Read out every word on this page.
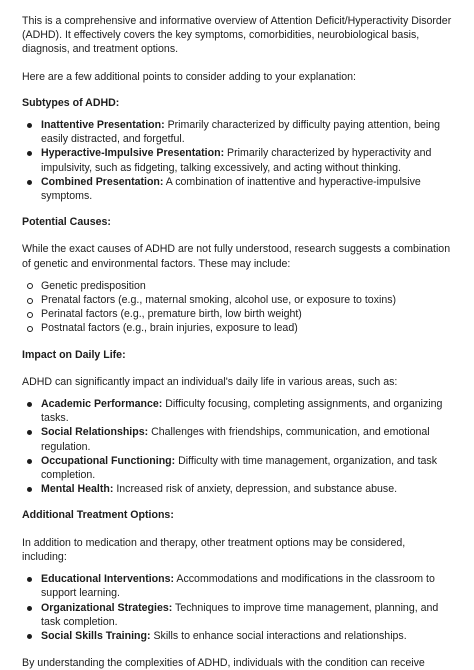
This is a comprehensive and informative overview of Attention Deficit/Hyperactivity Disorder (ADHD). It effectively covers the key symptoms, comorbidities, neurobiological basis, diagnosis, and treatment options.

Here are a few additional points to consider adding to your explanation:

Subtypes of ADHD:

Inattentive Presentation: Primarily characterized by difficulty paying attention, being easily distracted, and forgetful.
Hyperactive-Impulsive Presentation: Primarily characterized by hyperactivity and impulsivity, such as fidgeting, talking excessively, and acting without thinking.
Combined Presentation: A combination of inattentive and hyperactive-impulsive symptoms.

Potential Causes:

While the exact causes of ADHD are not fully understood, research suggests a combination of genetic and environmental factors. These may include:

Genetic predisposition
Prenatal factors (e.g., maternal smoking, alcohol use, or exposure to toxins)
Perinatal factors (e.g., premature birth, low birth weight)
Postnatal factors (e.g., brain injuries, exposure to lead)

Impact on Daily Life:

ADHD can significantly impact an individual's daily life in various areas, such as:

Academic Performance: Difficulty focusing, completing assignments, and organizing tasks.
Social Relationships: Challenges with friendships, communication, and emotional regulation.
Occupational Functioning: Difficulty with time management, organization, and task completion.
Mental Health: Increased risk of anxiety, depression, and substance abuse.

Additional Treatment Options:

In addition to medication and therapy, other treatment options may be considered, including:

Educational Interventions: Accommodations and modifications in the classroom to support learning.
Organizational Strategies: Techniques to improve time management, planning, and task completion.
Social Skills Training: Skills to enhance social interactions and relationships.

By understanding the complexities of ADHD, individuals with the condition can receive
